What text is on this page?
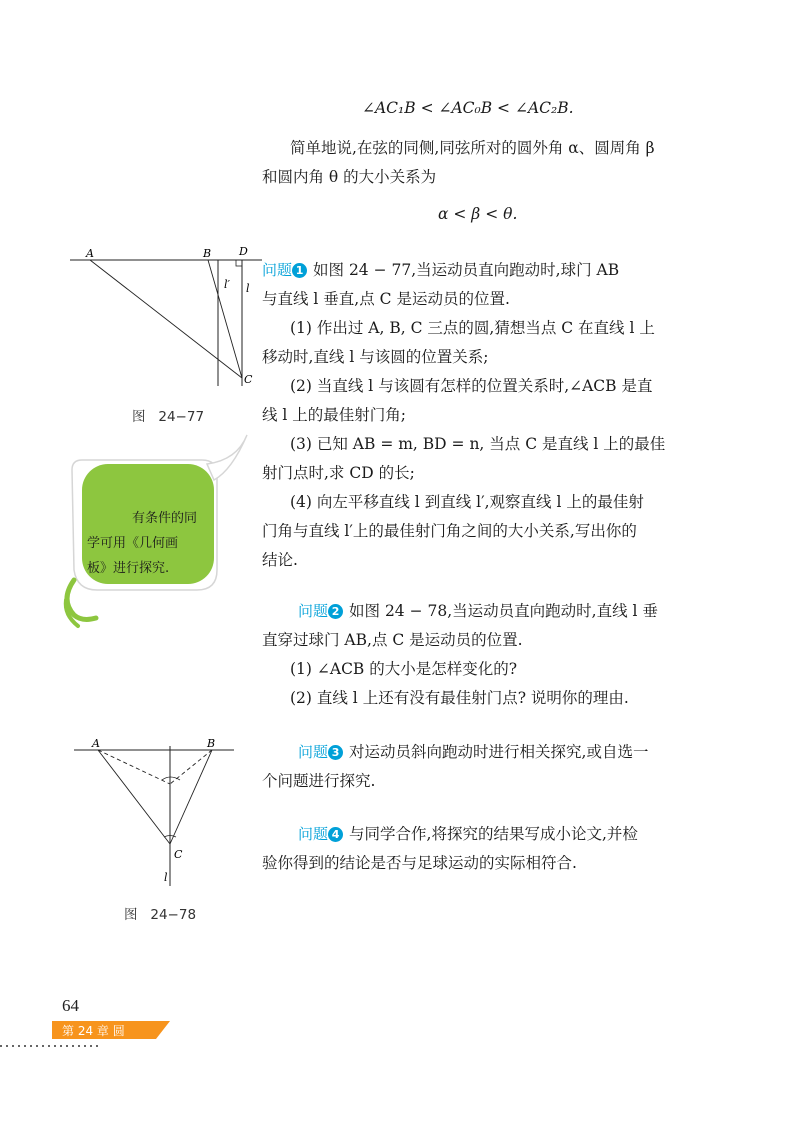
∠AC₁B < ∠AC₀B < ∠AC₂B.
简单地说,在弦的同侧,同弦所对的圆外角 α、圆周角 β
和圆内角 θ 的大小关系为
α < β < θ.
A	B	D
l′ l
C
图   24−77
有条件的同
学可用《几何画
板》进行探究.
问题 1 如图 24 − 77,当运动员直向跑动时,球门 AB
与直线 l 垂直,点 C 是运动员的位置.
(1) 作出过 A, B, C 三点的圆,猜想当点 C 在直线 l 上
移动时,直线 l 与该圆的位置关系;
(2) 当直线 l 与该圆有怎样的位置关系时,∠ACB 是直
线 l 上的最佳射门角;
(3) 已知 AB = m, BD = n, 当点 C 是直线 l 上的最佳
射门点时,求 CD 的长;
(4) 向左平移直线 l 到直线 l′,观察直线 l 上的最佳射
门角与直线 l′上的最佳射门角之间的大小关系,写出你的
结论.
问题 2 如图 24 − 78,当运动员直向跑动时,直线 l 垂
直穿过球门 AB,点 C 是运动员的位置.
(1) ∠ACB 的大小是怎样变化的?
(2) 直线 l 上还有没有最佳射门点? 说明你的理由.
A	B
C
l
图   24−78
问题 3 对运动员斜向跑动时进行相关探究,或自选一
个问题进行探究.
问题 4 与同学合作,将探究的结果写成小论文,并检
验你得到的结论是否与足球运动的实际相符合.
64
第 24 章 圆
